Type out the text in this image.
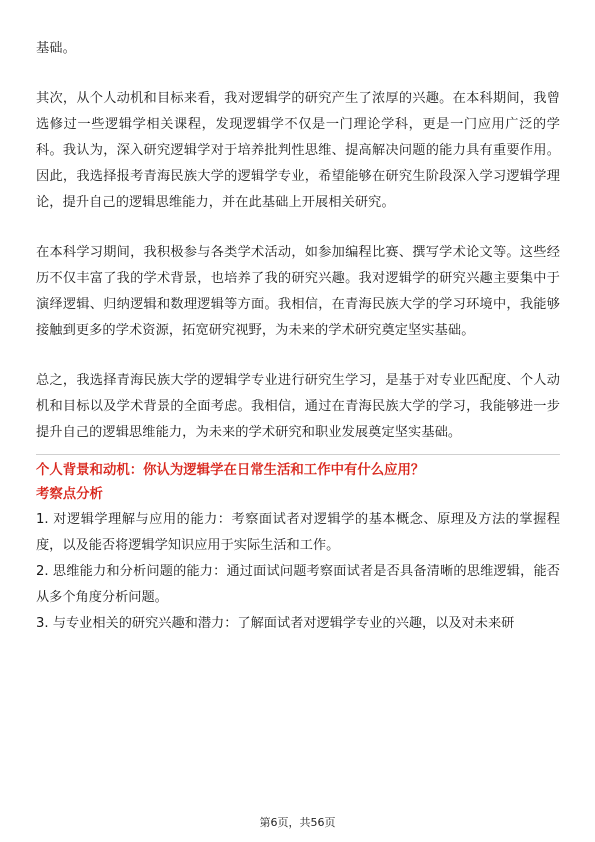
基础。

其次，从个人动机和目标来看，我对逻辑学的研究产生了浓厚的兴趣。在本科期间，我曾选修过一些逻辑学相关课程，发现逻辑学不仅是一门理论学科，更是一门应用广泛的学科。我认为，深入研究逻辑学对于培养批判性思维、提高解决问题的能力具有重要作用。因此，我选择报考青海民族大学的逻辑学专业，希望能够在研究生阶段深入学习逻辑学理论，提升自己的逻辑思维能力，并在此基础上开展相关研究。

在本科学习期间，我积极参与各类学术活动，如参加编程比赛、撰写学术论文等。这些经历不仅丰富了我的学术背景，也培养了我的研究兴趣。我对逻辑学的研究兴趣主要集中于演绎逻辑、归纳逻辑和数理逻辑等方面。我相信，在青海民族大学的学习环境中，我能够接触到更多的学术资源，拓宽研究视野，为未来的学术研究奠定坚实基础。

总之，我选择青海民族大学的逻辑学专业进行研究生学习，是基于对专业匹配度、个人动机和目标以及学术背景的全面考虑。我相信，通过在青海民族大学的学习，我能够进一步提升自己的逻辑思维能力，为未来的学术研究和职业发展奠定坚实基础。

个人背景和动机：你认为逻辑学在日常生活和工作中有什么应用？

考察点分析

1. 对逻辑学理解与应用的能力：考察面试者对逻辑学的基本概念、原理及方法的掌握程度，以及能否将逻辑学知识应用于实际生活和工作。

2. 思维能力和分析问题的能力：通过面试问题考察面试者是否具备清晰的思维逻辑，能否从多个角度分析问题。

3. 与专业相关的研究兴趣和潜力：了解面试者对逻辑学专业的兴趣，以及对未来研

第6页，共56页
